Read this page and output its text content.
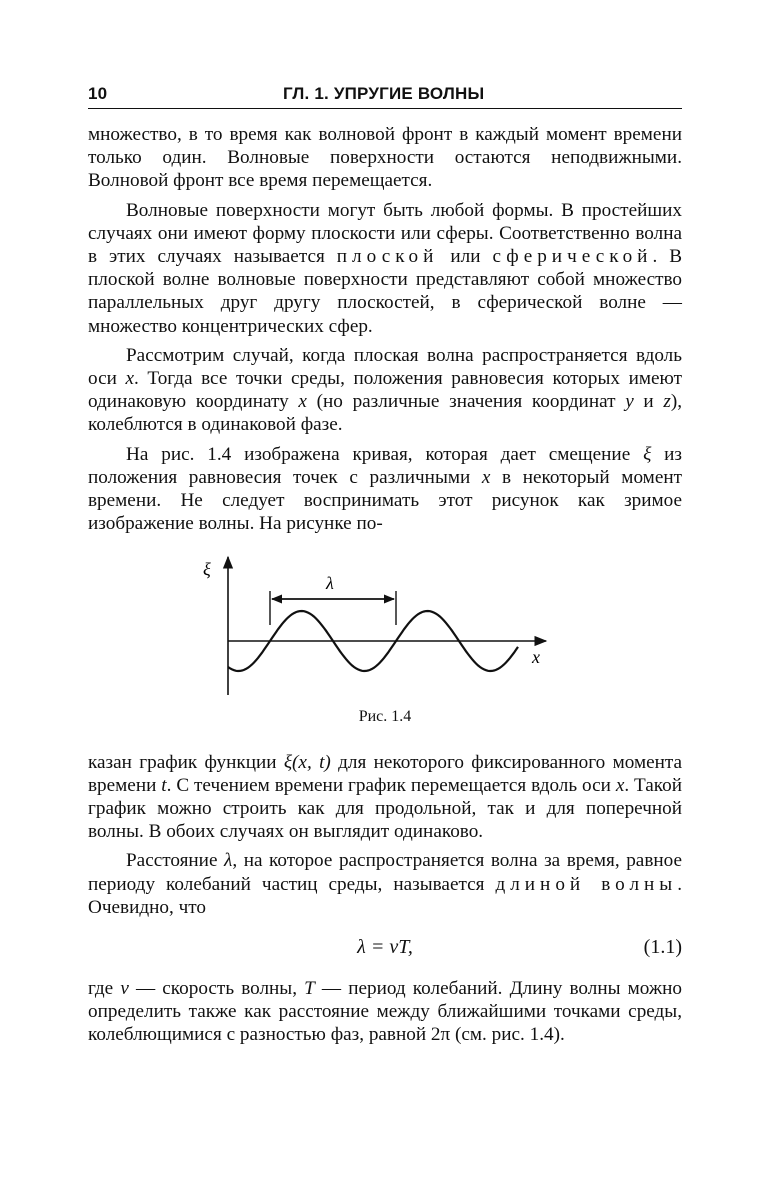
10	ГЛ. 1. УПРУГИЕ ВОЛНЫ

множество, в то время как волновой фронт в каждый момент времени только один. Волновые поверхности остаются неподвижными. Волновой фронт все время перемещается.

Волновые поверхности могут быть любой формы. В простейших случаях они имеют форму плоскости или сферы. Соответственно волна в этих случаях называется плоской или сферической. В плоской волне волновые поверхности представляют собой множество параллельных друг другу плоскостей, в сферической волне — множество концентрических сфер.

Рассмотрим случай, когда плоская волна распространяется вдоль оси x. Тогда все точки среды, положения равновесия которых имеют одинаковую координату x (но различные значения координат y и z), колеблются в одинаковой фазе.

На рис. 1.4 изображена кривая, которая дает смещение ξ из положения равновесия точек с различными x в некоторый момент времени. Не следует воспринимать этот рисунок как зримое изображение волны. На рисунке по-

ξ
x
λ
Рис. 1.4

казан график функции ξ(x, t) для некоторого фиксированного момента времени t. С течением времени график перемещается вдоль оси x. Такой график можно строить как для продольной, так и для поперечной волны. В обоих случаях он выглядит одинаково.

Расстояние λ, на которое распространяется волна за время, равное периоду колебаний частиц среды, называется длиной волны. Очевидно, что

λ = vT,	(1.1)

где v — скорость волны, T — период колебаний. Длину волны можно определить также как расстояние между ближайшими точками среды, колеблющимися с разностью фаз, равной 2π (см. рис. 1.4).
